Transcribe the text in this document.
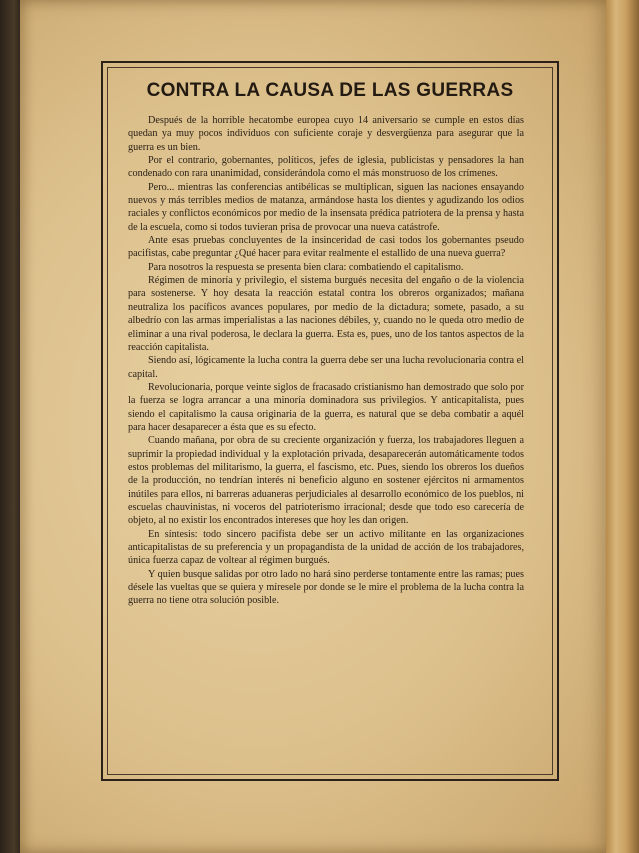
CONTRA LA CAUSA DE LAS GUERRAS

Después de la horrible hecatombe europea cuyo 14 aniversario se cumple en estos días quedan ya muy pocos individuos con suficiente coraje y desvergüenza para asegurar que la guerra es un bien.

Por el contrario, gobernantes, políticos, jefes de iglesia, publicistas y pensadores la han condenado con rara unanimidad, considerándola como el más monstruoso de los crímenes.

Pero... mientras las conferencias antibélicas se multiplican, siguen las naciones ensayando nuevos y más terribles medios de matanza, armándose hasta los dientes y agudizando los odios raciales y conflictos económicos por medio de la insensata prédica patriotera de la prensa y hasta de la escuela, como si todos tuvieran prisa de provocar una nueva catástrofe.

Ante esas pruebas concluyentes de la insinceridad de casi todos los gobernantes pseudo pacifistas, cabe preguntar ¿Qué hacer para evitar realmente el estallido de una nueva guerra?

Para nosotros la respuesta se presenta bien clara: combatiendo el capitalismo.

Régimen de minoría y privilegio, el sistema burgués necesita del engaño o de la violencia para sostenerse. Y hoy desata la reacción estatal contra los obreros organizados; mañana neutraliza los pacíficos avances populares, por medio de la dictadura; somete, pasado, a su albedrío con las armas imperialistas a las naciones débiles, y, cuando no le queda otro medio de eliminar a una rival poderosa, le declara la guerra. Esta es, pues, uno de los tantos aspectos de la reacción capitalista.

Siendo así, lógicamente la lucha contra la guerra debe ser una lucha revolucionaria contra el capital.

Revolucionaria, porque veinte siglos de fracasado cristianismo han demostrado que solo por la fuerza se logra arrancar a una minoría dominadora sus privilegios. Y anticapitalista, pues siendo el capitalismo la causa originaria de la guerra, es natural que se deba combatir a aquél para hacer desaparecer a ésta que es su efecto.

Cuando mañana, por obra de su creciente organización y fuerza, los trabajadores lleguen a suprimir la propiedad individual y la explotación privada, desaparecerán automáticamente todos estos problemas del militarismo, la guerra, el fascismo, etc. Pues, siendo los obreros los dueños de la producción, no tendrían interés ni beneficio alguno en sostener ejércitos ni armamentos inútiles para ellos, ni barreras aduaneras perjudiciales al desarrollo económico de los pueblos, ni escuelas chauvinistas, ni voceros del patrioterismo irracional; desde que todo eso carecería de objeto, al no existir los encontrados intereses que hoy les dan origen.

En síntesis: todo sincero pacifista debe ser un activo militante en las organizaciones anticapitalistas de su preferencia y un propagandista de la unidad de acción de los trabajadores, única fuerza capaz de voltear al régimen burgués.

Y quien busque salidas por otro lado no hará sino perderse tontamente entre las ramas; pues désele las vueltas que se quiera y míresele por donde se le mire el problema de la lucha contra la guerra no tiene otra solución posible.
